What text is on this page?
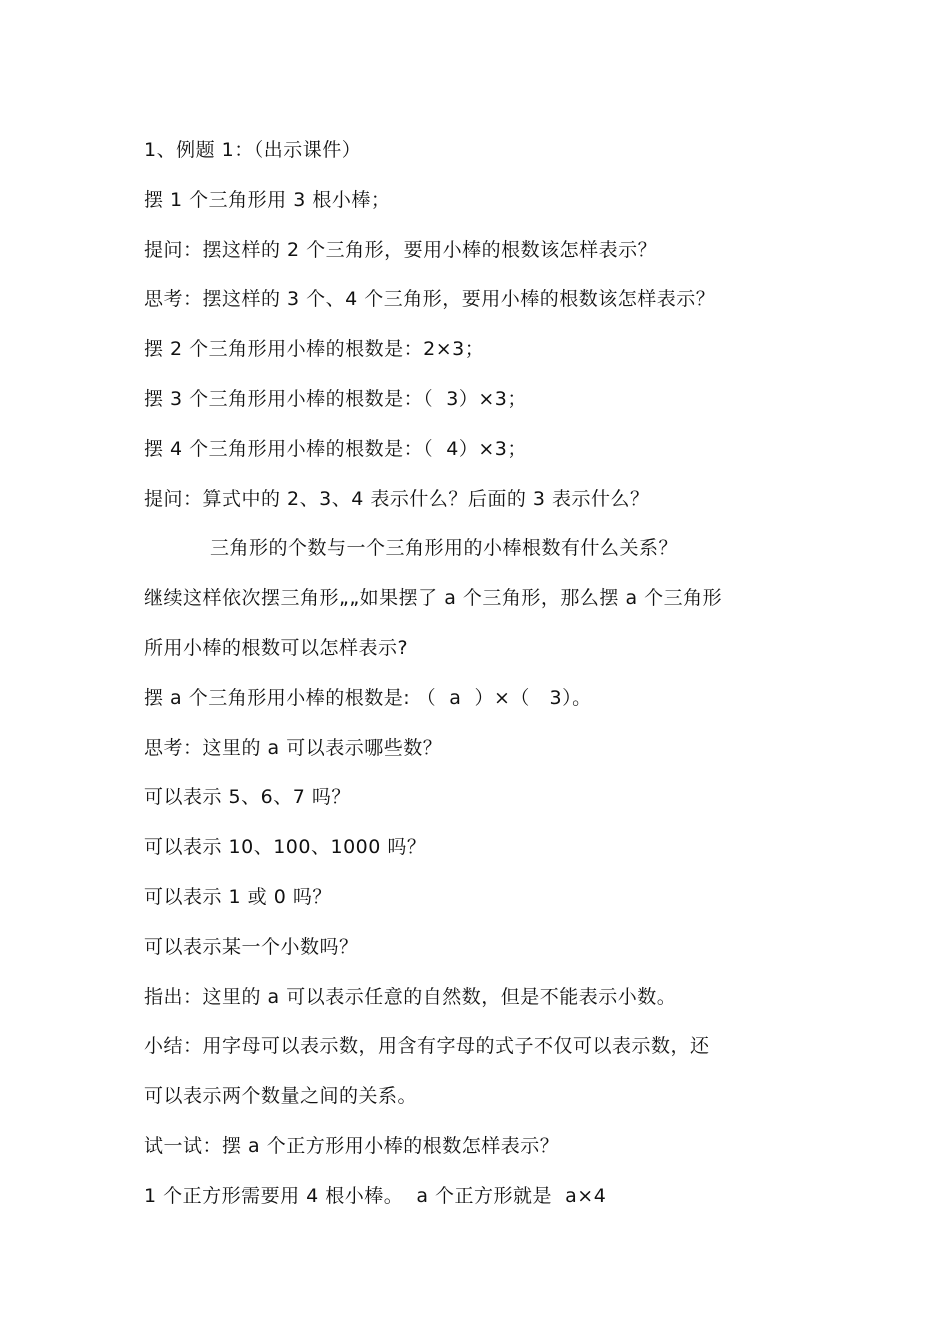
1、例题 1：（出示课件）
摆 1 个三角形用 3 根小棒；
提问：摆这样的 2 个三角形，要用小棒的根数该怎样表示？
思考：摆这样的 3 个、4 个三角形，要用小棒的根数该怎样表示？
摆 2 个三角形用小棒的根数是：2×3；
摆 3 个三角形用小棒的根数是：（  3）×3；
摆 4 个三角形用小棒的根数是：（  4）×3；
提问：算式中的 2、3、4 表示什么？后面的 3 表示什么？
三角形的个数与一个三角形用的小棒根数有什么关系？
继续这样依次摆三角形„„如果摆了 a 个三角形，那么摆 a 个三角形
所用小棒的根数可以怎样表示?
摆 a 个三角形用小棒的根数是: （  a  ）×（   3）。
思考：这里的 a 可以表示哪些数？
可以表示 5、6、7 吗？
可以表示 10、100、1000 吗？
可以表示 1 或 0 吗？
可以表示某一个小数吗？
指出：这里的 a 可以表示任意的自然数，但是不能表示小数。
小结：用字母可以表示数，用含有字母的式子不仅可以表示数，还
可以表示两个数量之间的关系。
试一试：摆 a 个正方形用小棒的根数怎样表示？
1 个正方形需要用 4 根小棒。  a 个正方形就是  a×4
